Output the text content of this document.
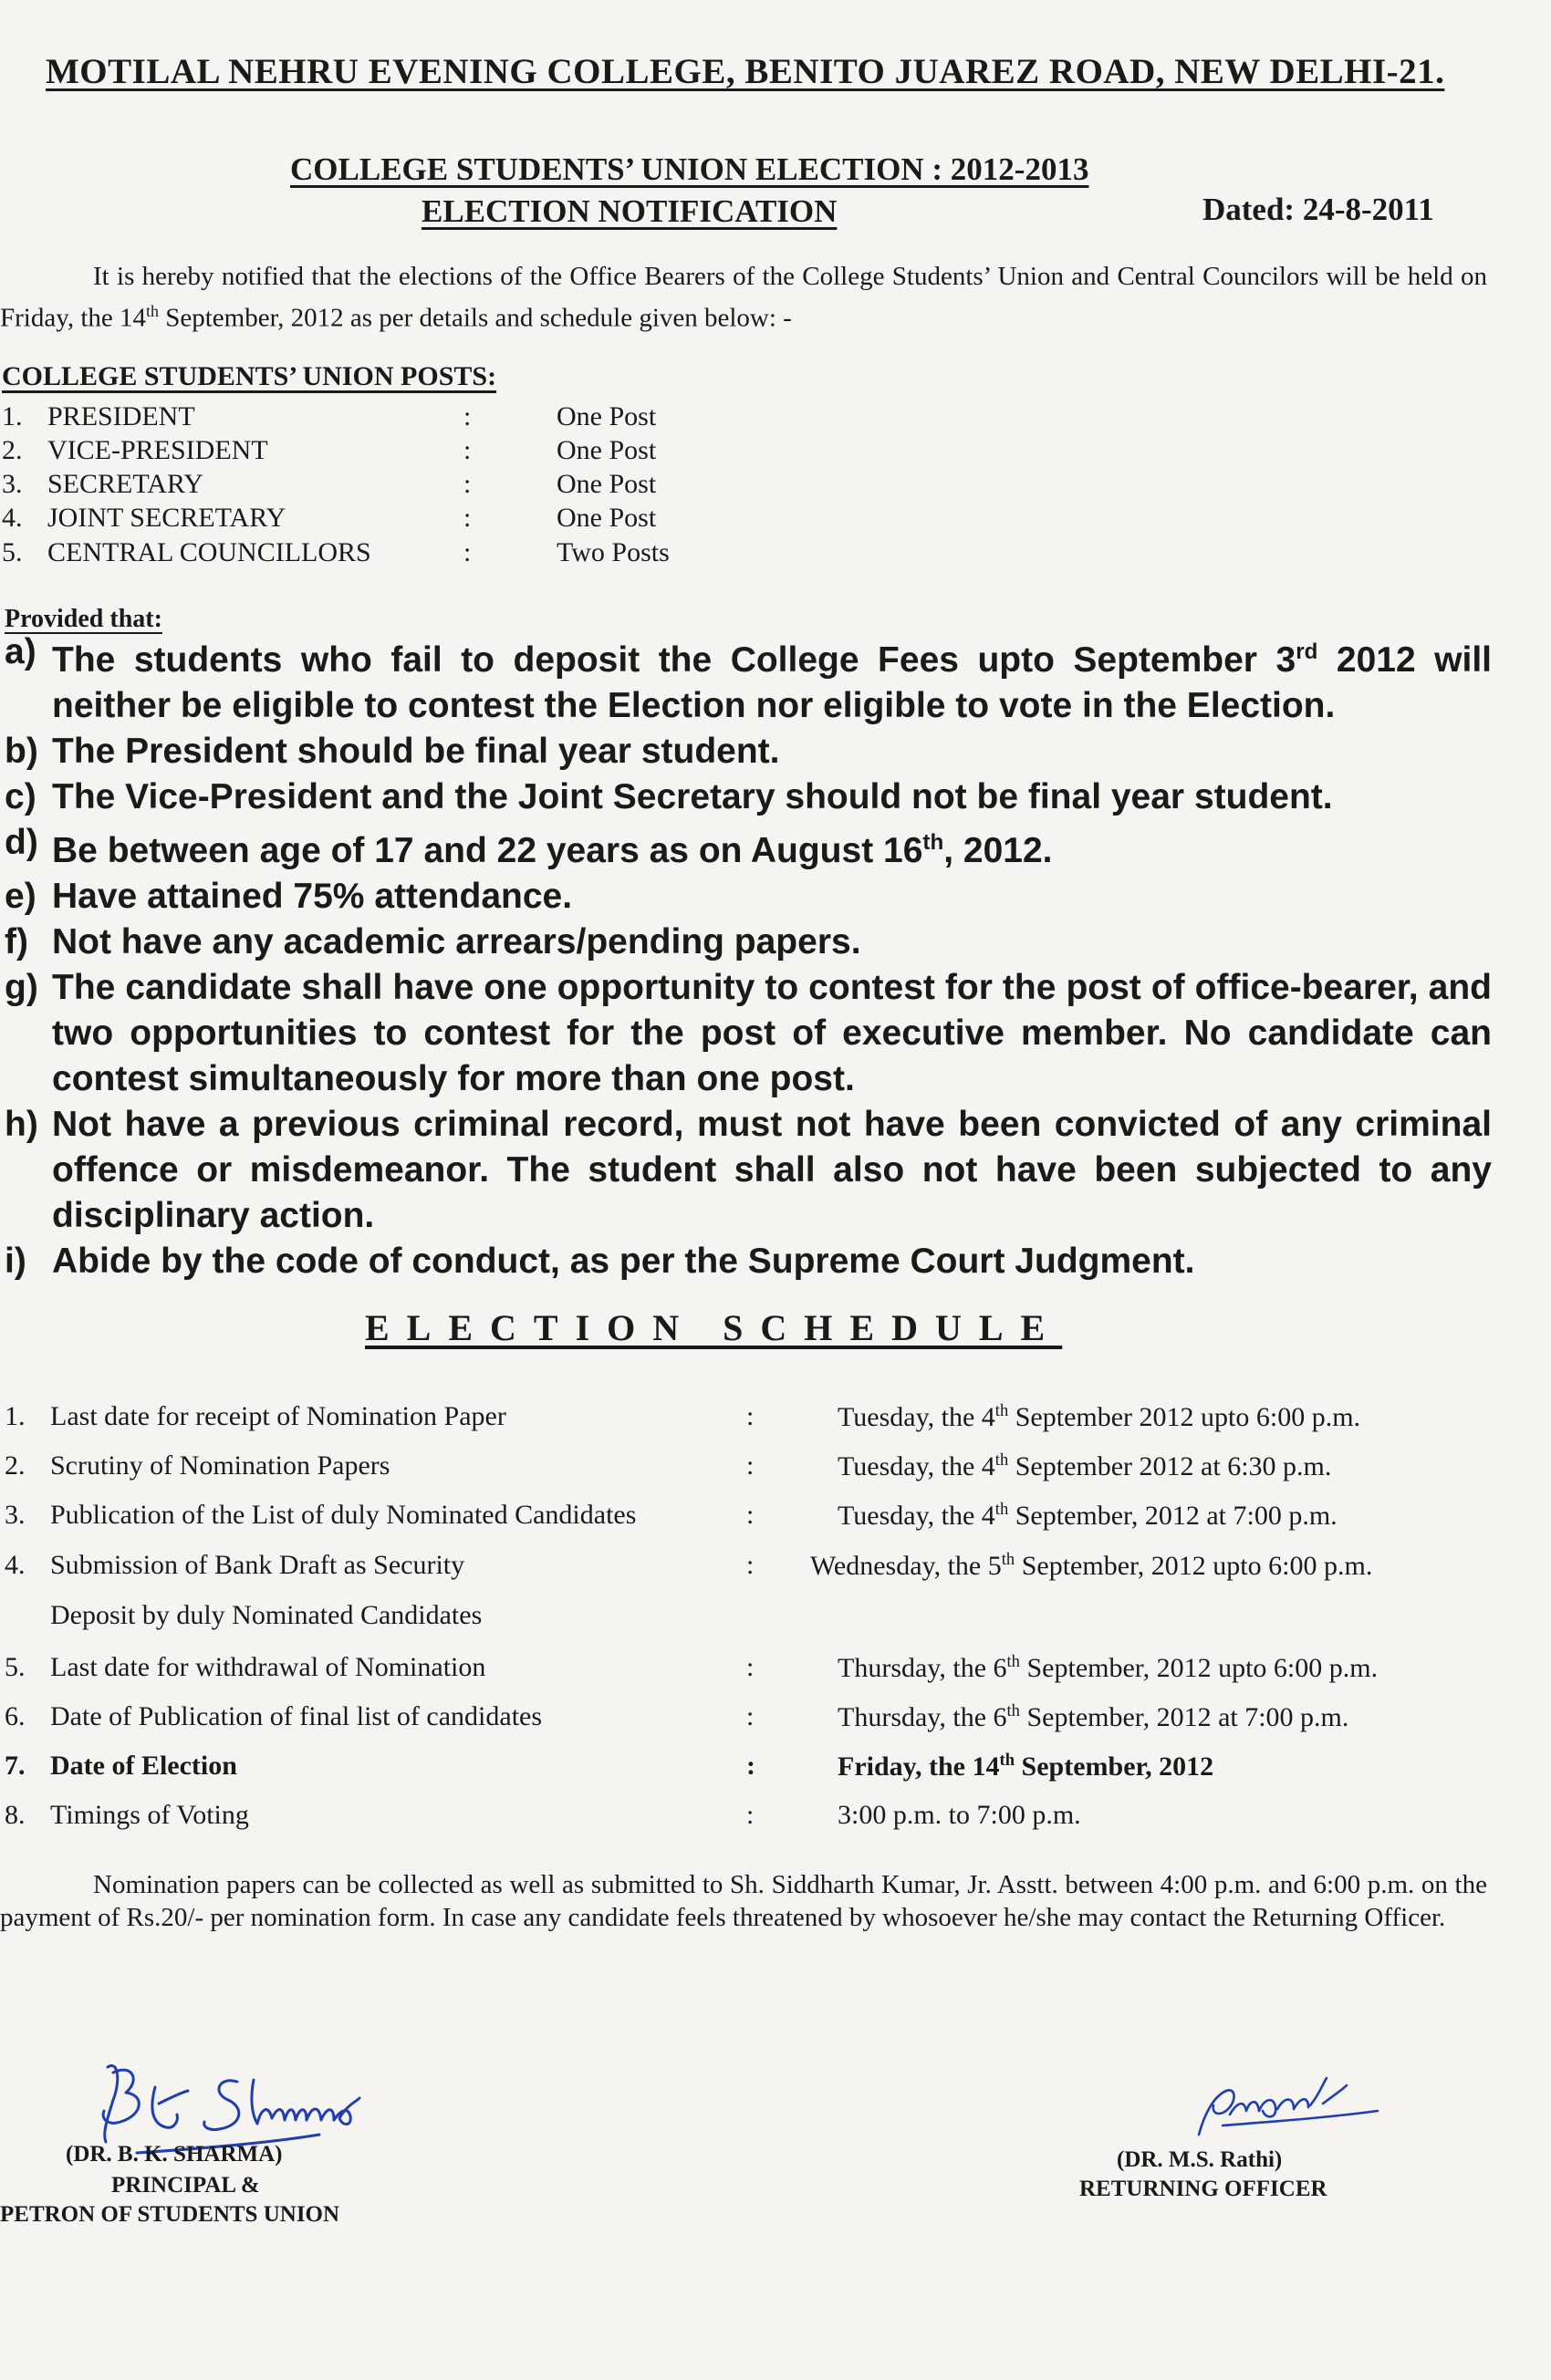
MOTILAL NEHRU EVENING COLLEGE, BENITO JUAREZ ROAD, NEW DELHI-21.
COLLEGE STUDENTS’ UNION ELECTION : 2012-2013
ELECTION NOTIFICATION	Dated: 24-8-2011
It is hereby notified that the elections of the Office Bearers of the College Students’ Union and Central Councilors will be held on Friday, the 14th September, 2012 as per details and schedule given below: -
COLLEGE STUDENTS’ UNION POSTS:
1. PRESIDENT	:	One Post
2. VICE-PRESIDENT	:	One Post
3. SECRETARY	:	One Post
4. JOINT SECRETARY	:	One Post
5. CENTRAL COUNCILLORS	:	Two Posts
Provided that:
a) The students who fail to deposit the College Fees upto September 3rd 2012 will neither be eligible to contest the Election nor eligible to vote in the Election.
b) The President should be final year student.
c) The Vice-President and the Joint Secretary should not be final year student.
d) Be between age of 17 and 22 years as on August 16th, 2012.
e) Have attained 75% attendance.
f) Not have any academic arrears/pending papers.
g) The candidate shall have one opportunity to contest for the post of office-bearer, and two opportunities to contest for the post of executive member. No candidate can contest simultaneously for more than one post.
h) Not have a previous criminal record, must not have been convicted of any criminal offence or misdemeanor. The student shall also not have been subjected to any disciplinary action.
i) Abide by the code of conduct, as per the Supreme Court Judgment.
ELECTION SCHEDULE
1. Last date for receipt of Nomination Paper	:	Tuesday, the 4th September 2012 upto 6:00 p.m.
2. Scrutiny of Nomination Papers	:	Tuesday, the 4th September 2012 at 6:30 p.m.
3. Publication of the List of duly Nominated Candidates	:	Tuesday, the 4th September, 2012 at 7:00 p.m.
4. Submission of Bank Draft as Security	: Wednesday, the 5th September, 2012 upto 6:00 p.m.
Deposit by duly Nominated Candidates
5. Last date for withdrawal of Nomination	:	Thursday, the 6th September, 2012 upto 6:00 p.m.
6. Date of Publication of final list of candidates	:	Thursday, the 6th September, 2012 at 7:00 p.m.
7. Date of Election	:	Friday, the 14th September, 2012
8. Timings of Voting	:	3:00 p.m. to 7:00 p.m.
Nomination papers can be collected as well as submitted to Sh. Siddharth Kumar, Jr. Asstt. between 4:00 p.m. and 6:00 p.m. on the payment of Rs.20/- per nomination form. In case any candidate feels threatened by whosoever he/she may contact the Returning Officer.
(DR. B. K. SHARMA)
PRINCIPAL &
PETRON OF STUDENTS UNION
(DR. M.S. Rathi)
RETURNING OFFICER
